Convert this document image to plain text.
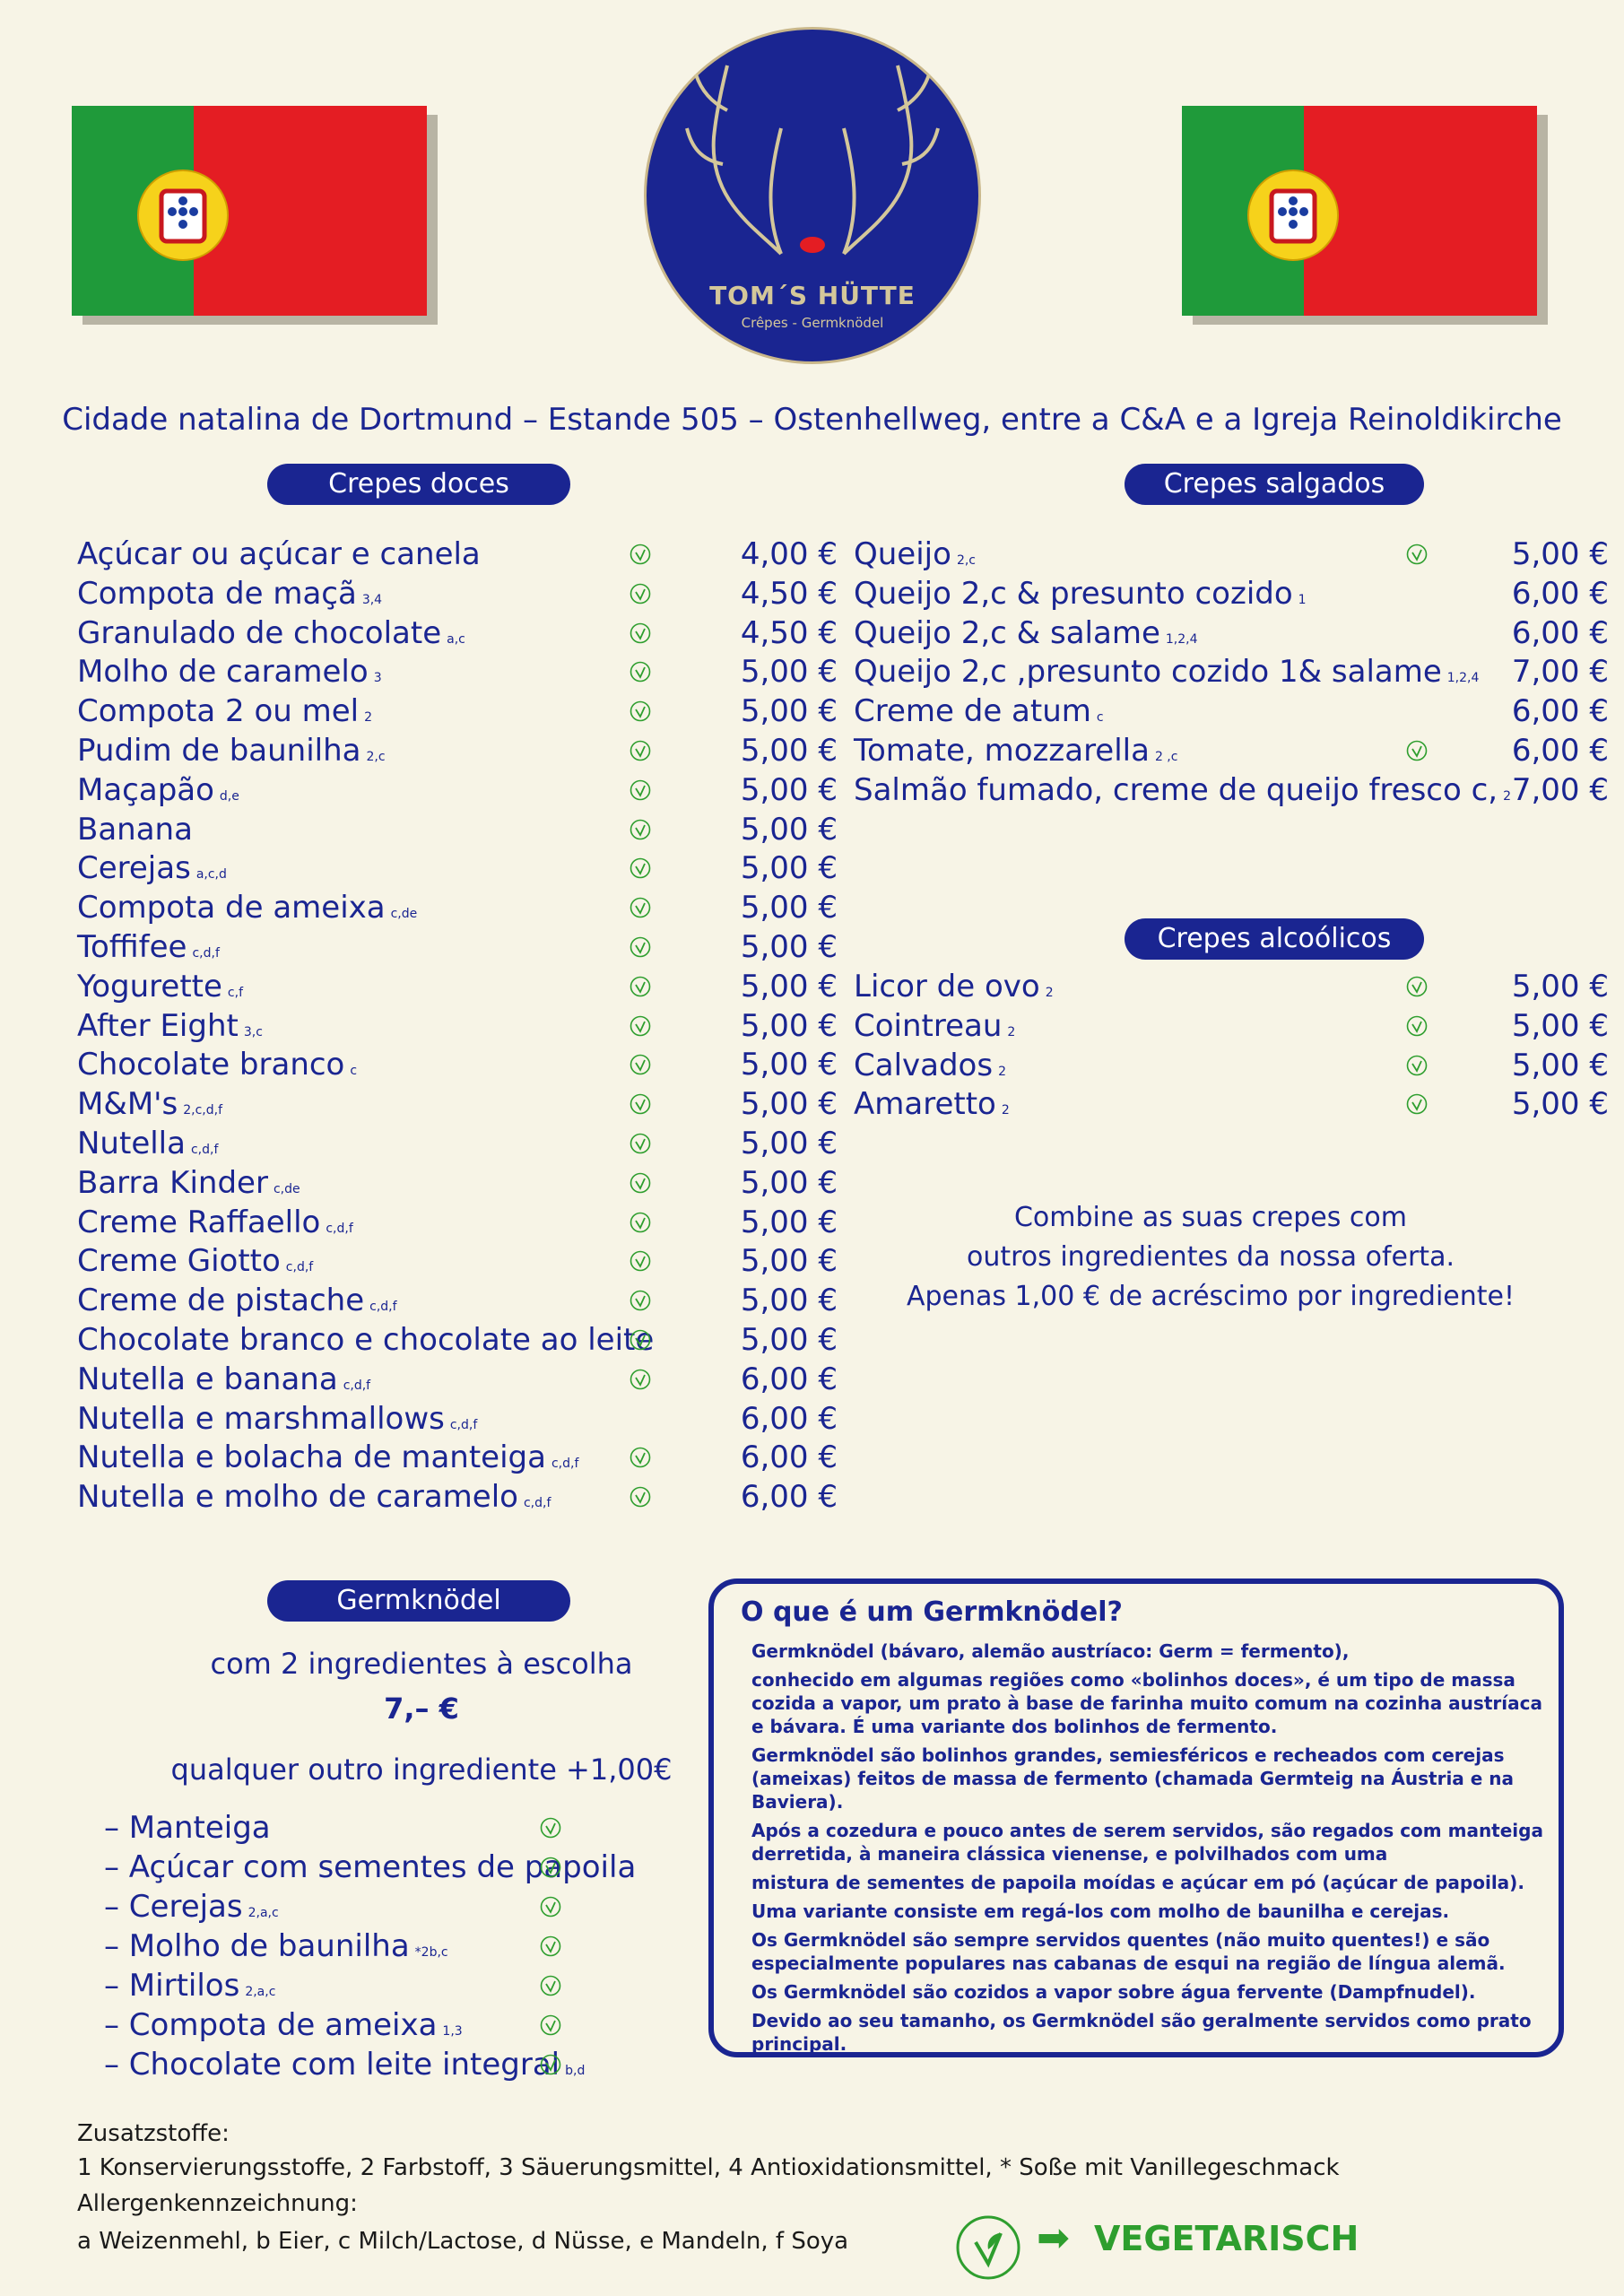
TOM´S HÜTTE
Crêpes - Germknödel
Cidade natalina de Dortmund – Estande 505 – Ostenhellweg, entre a C&A e a Igreja Reinoldikirche
Crepes doces	Crepes salgados
Crepes alcoólicos
Germknödel
Açúcar ou açúcar e canela	4,00 €
Compota de maçã 3,4	4,50 €
Granulado de chocolate a,c	4,50 €
Molho de caramelo 3	5,00 €
Compota 2 ou mel 2	5,00 €
Pudim de baunilha 2,c	5,00 €
Maçapão d,e	5,00 €
Banana	5,00 €
Cerejas a,c,d	5,00 €
Compota de ameixa c,de	5,00 €
Toffifee c,d,f	5,00 €
Yogurette c,f	5,00 €
After Eight 3,c	5,00 €
Chocolate branco c	5,00 €
M&M's 2,c,d,f	5,00 €
Nutella c,d,f	5,00 €
Barra Kinder c,de	5,00 €
Creme Raffaello c,d,f	5,00 €
Creme Giotto c,d,f	5,00 €
Creme de pistache c,d,f	5,00 €
Chocolate branco e chocolate ao leite	5,00 €
Nutella e banana c,d,f	6,00 €
Nutella e marshmallows c,d,f	6,00 €
Nutella e bolacha de manteiga c,d,f	6,00 €
Nutella e molho de caramelo c,d,f	6,00 €
Queijo 2,c	5,00 €
Queijo 2,c & presunto cozido 1	6,00 €
Queijo 2,c & salame 1,2,4	6,00 €
Queijo 2,c ,presunto cozido 1& salame 1,2,4	7,00 €
Creme de atum c	6,00 €
Tomate, mozzarella 2 ,c	6,00 €
Salmão fumado, creme de queijo fresco c, 2 7,00 €
Licor de ovo 2	5,00 €
Cointreau 2	5,00 €
Calvados 2	5,00 €
Amaretto 2	5,00 €
Combine as suas crepes com
outros ingredientes da nossa oferta.
Apenas 1,00 € de acréscimo por ingrediente!
com 2 ingredientes à escolha
7,– €
qualquer outro ingrediente +1,00€
– Manteiga
– Açúcar com sementes de papoila
– Cerejas 2,a,c
– Molho de baunilha *2b,c
– Mirtilos 2,a,c
– Compota de ameixa 1,3
– Chocolate com leite integral b,d
O que é um Germknödel?

Germknödel (bávaro, alemão austríaco: Germ = fermento),

conhecido em algumas regiões como «bolinhos doces», é um tipo de massa cozida a vapor, um prato à base de farinha muito comum na cozinha austríaca e bávara. É uma variante dos bolinhos de fermento.

Germknödel são bolinhos grandes, semiesféricos e recheados com cerejas (ameixas) feitos de massa de fermento (chamada Germteig na Áustria e na Baviera).

Após a cozedura e pouco antes de serem servidos, são regados com manteiga derretida, à maneira clássica vienense, e polvilhados com uma

mistura de sementes de papoila moídas e açúcar em pó (açúcar de papoila).

Uma variante consiste em regá-los com molho de baunilha e cerejas.

Os Germknödel são sempre servidos quentes (não muito quentes!) e são especialmente populares nas cabanas de esqui na região de língua alemã.

Os Germknödel são cozidos a vapor sobre água fervente (Dampfnudel).

Devido ao seu tamanho, os Germknödel são geralmente servidos como prato principal.

Zusatzstoffe:
1 Konservierungsstoffe, 2 Farbstoff, 3 Säuerungsmittel, 4 Antioxidationsmittel, * Soße mit Vanillegeschmack
Allergenkennzeichnung:
a Weizenmehl, b Eier, c Milch/Lactose, d Nüsse, e Mandeln, f Soya	➡ VEGETARISCH
